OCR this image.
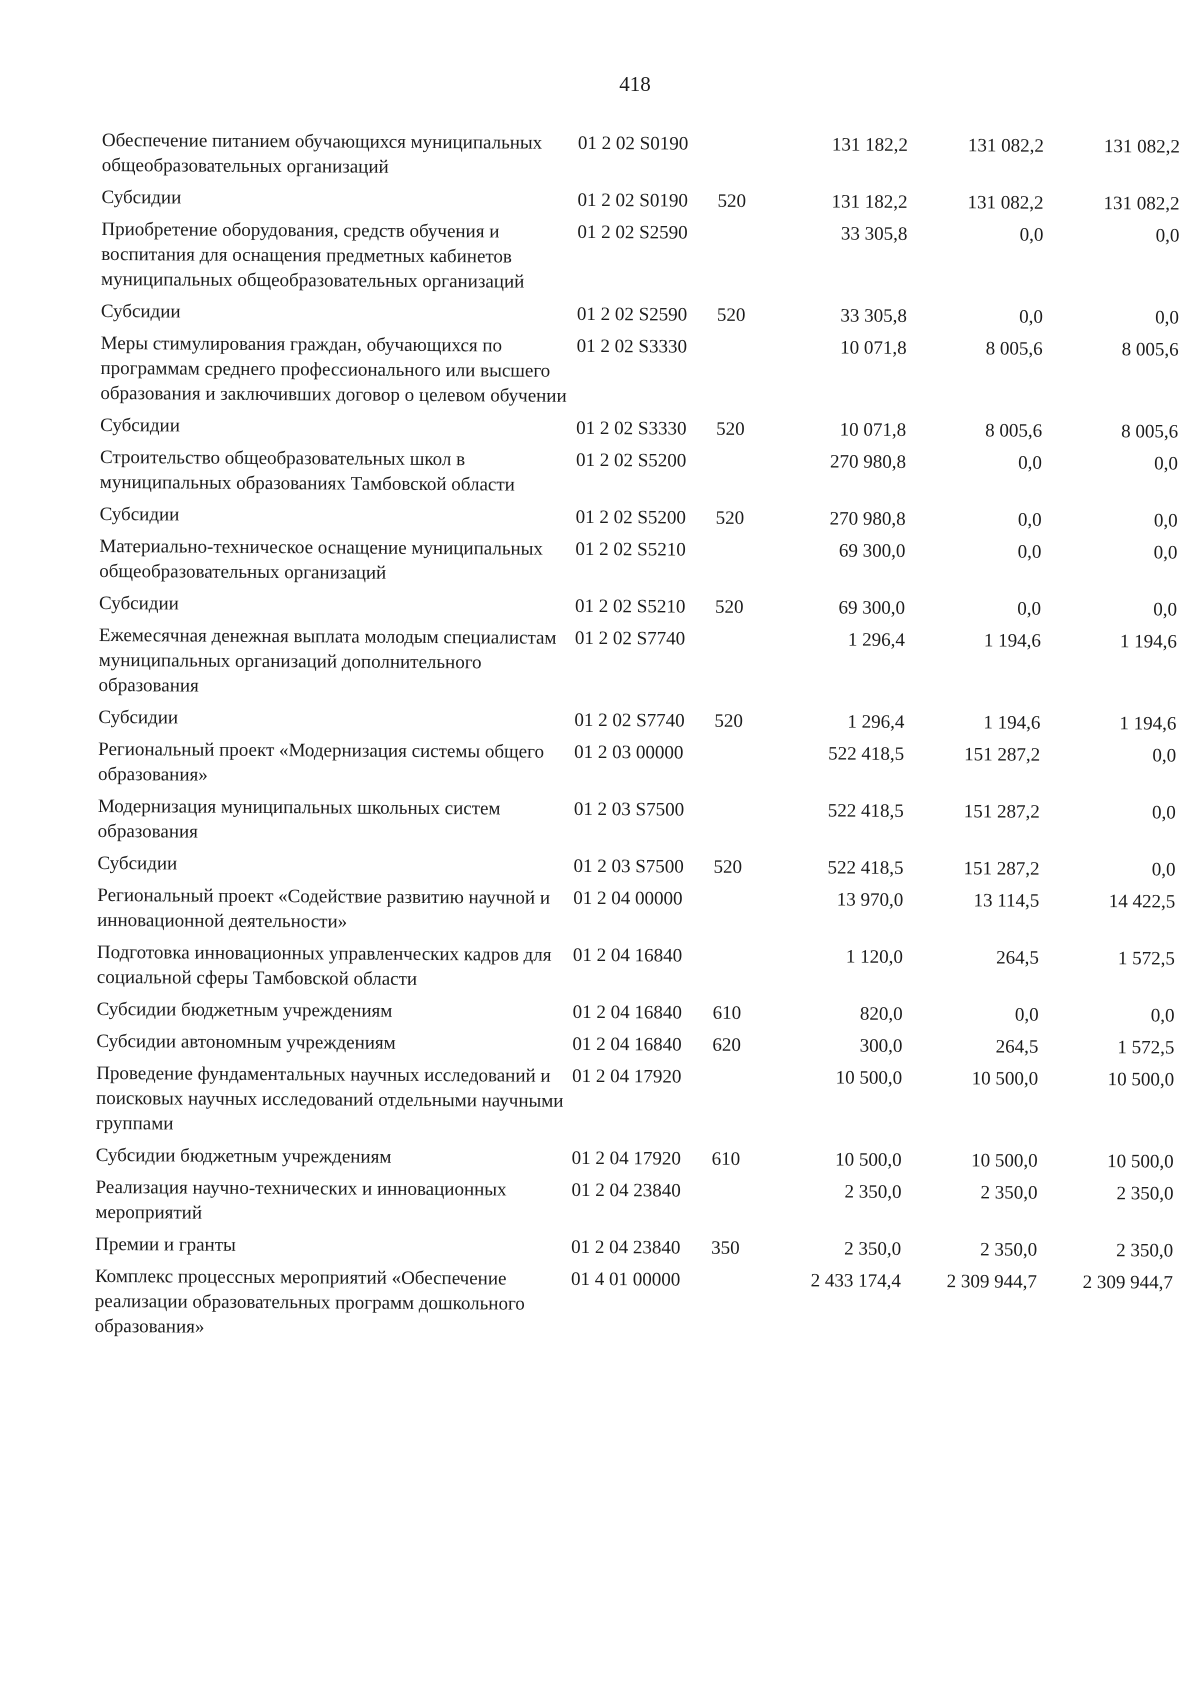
418
Обеспечение питанием обучающихся муниципальных общеобразовательных организаций	01 2 02 S0190		131 182,2	131 082,2	131 082,2
Субсидии	01 2 02 S0190	520	131 182,2	131 082,2	131 082,2
Приобретение оборудования, средств обучения и воспитания для оснащения предметных кабинетов муниципальных общеобразовательных организаций	01 2 02 S2590		33 305,8	0,0	0,0
Субсидии	01 2 02 S2590	520	33 305,8	0,0	0,0
Меры стимулирования граждан, обучающихся по программам среднего профессионального или высшего образования и заключивших договор о целевом обучении	01 2 02 S3330		10 071,8	8 005,6	8 005,6
Субсидии	01 2 02 S3330	520	10 071,8	8 005,6	8 005,6
Строительство общеобразовательных школ в муниципальных образованиях Тамбовской области	01 2 02 S5200		270 980,8	0,0	0,0
Субсидии	01 2 02 S5200	520	270 980,8	0,0	0,0
Материально-техническое оснащение муниципальных общеобразовательных организаций	01 2 02 S5210		69 300,0	0,0	0,0
Субсидии	01 2 02 S5210	520	69 300,0	0,0	0,0
Ежемесячная денежная выплата молодым специалистам муниципальных организаций дополнительного образования	01 2 02 S7740		1 296,4	1 194,6	1 194,6
Субсидии	01 2 02 S7740	520	1 296,4	1 194,6	1 194,6
Региональный проект «Модернизация системы общего образования»	01 2 03 00000		522 418,5	151 287,2	0,0
Модернизация муниципальных школьных систем образования	01 2 03 S7500		522 418,5	151 287,2	0,0
Субсидии	01 2 03 S7500	520	522 418,5	151 287,2	0,0
Региональный проект «Содействие развитию научной и инновационной деятельности»	01 2 04 00000		13 970,0	13 114,5	14 422,5
Подготовка инновационных управленческих кадров для социальной сферы Тамбовской области	01 2 04 16840		1 120,0	264,5	1 572,5
Субсидии бюджетным учреждениям	01 2 04 16840	610	820,0	0,0	0,0
Субсидии автономным учреждениям	01 2 04 16840	620	300,0	264,5	1 572,5
Проведение фундаментальных научных исследований и поисковых научных исследований отдельными научными группами	01 2 04 17920		10 500,0	10 500,0	10 500,0
Субсидии бюджетным учреждениям	01 2 04 17920	610	10 500,0	10 500,0	10 500,0
Реализация научно-технических и инновационных мероприятий	01 2 04 23840		2 350,0	2 350,0	2 350,0
Премии и гранты	01 2 04 23840	350	2 350,0	2 350,0	2 350,0
Комплекс процессных мероприятий «Обеспечение реализации образовательных программ дошкольного образования»	01 4 01 00000		2 433 174,4	2 309 944,7	2 309 944,7
